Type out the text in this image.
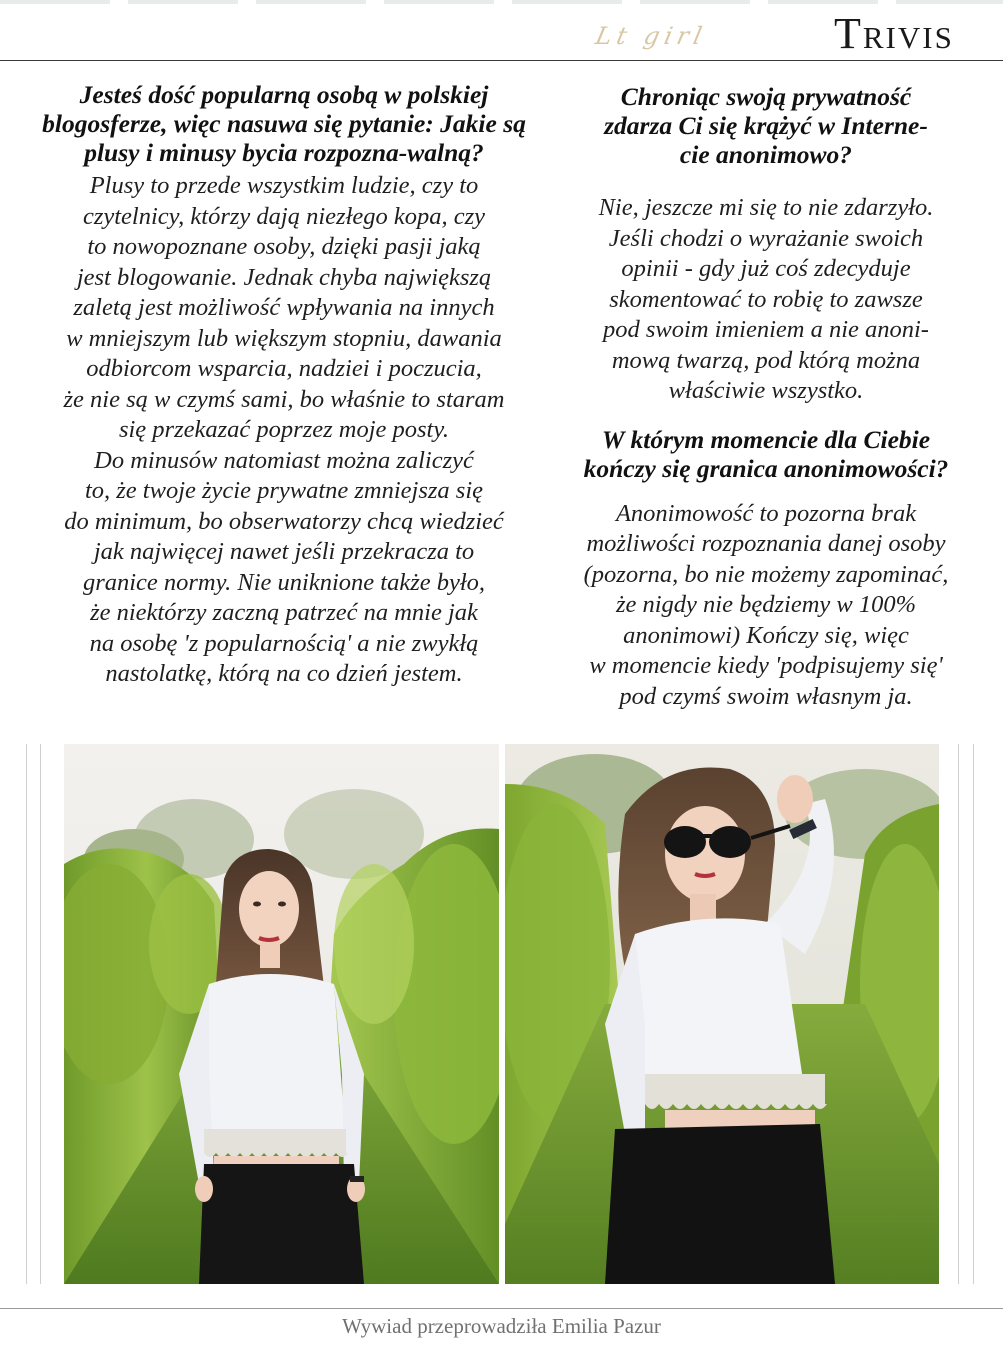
Lt girl	Trivis

Jesteś dość popularną osobą w polskiej blogosferze, więc nasuwa się pytanie: Jakie są plusy i minusy bycia rozpozna-walną?

Plusy to przede wszystkim ludzie, czy to
czytelnicy, którzy dają niezłego kopa, czy
to nowopoznane osoby, dzięki pasji jaką
jest blogowanie. Jednak chyba największą
zaletą jest możliwość wpływania na innych
w mniejszym lub większym stopniu, dawania
odbiorcom wsparcia, nadziei i poczucia,
że nie są w czymś sami, bo właśnie to staram
się przekazać poprzez moje posty.
Do minusów natomiast można zaliczyć
to, że twoje życie prywatne zmniejsza się
do minimum, bo obserwatorzy chcą wiedzieć
jak najwięcej nawet jeśli przekracza to
granice normy. Nie uniknione także było,
że niektórzy zaczną patrzeć na mnie jak
na osobę 'z popularnością' a nie zwykłą
nastolatkę, którą na co dzień jestem.
Chroniąc swoją prywatność
zdarza Ci się krążyć w Interne-
cie anonimowo?
Nie, jeszcze mi się to nie zdarzyło.
Jeśli chodzi o wyrażanie swoich
opinii - gdy już coś zdecyduje
skomentować to robię to zawsze
pod swoim imieniem a nie anoni-
mową twarzą, pod którą można
właściwie wszystko.
W którym momencie dla Ciebie
kończy się granica anonimowości?
Anonimowość to pozorna brak
możliwości rozpoznania danej osoby
(pozorna, bo nie możemy zapominać,
że nigdy nie będziemy w 100%
anonimowi) Kończy się, więc
w momencie kiedy 'podpisujemy się'
pod czymś swoim własnym ja.
Wywiad przeprowadziła Emilia Pazur
